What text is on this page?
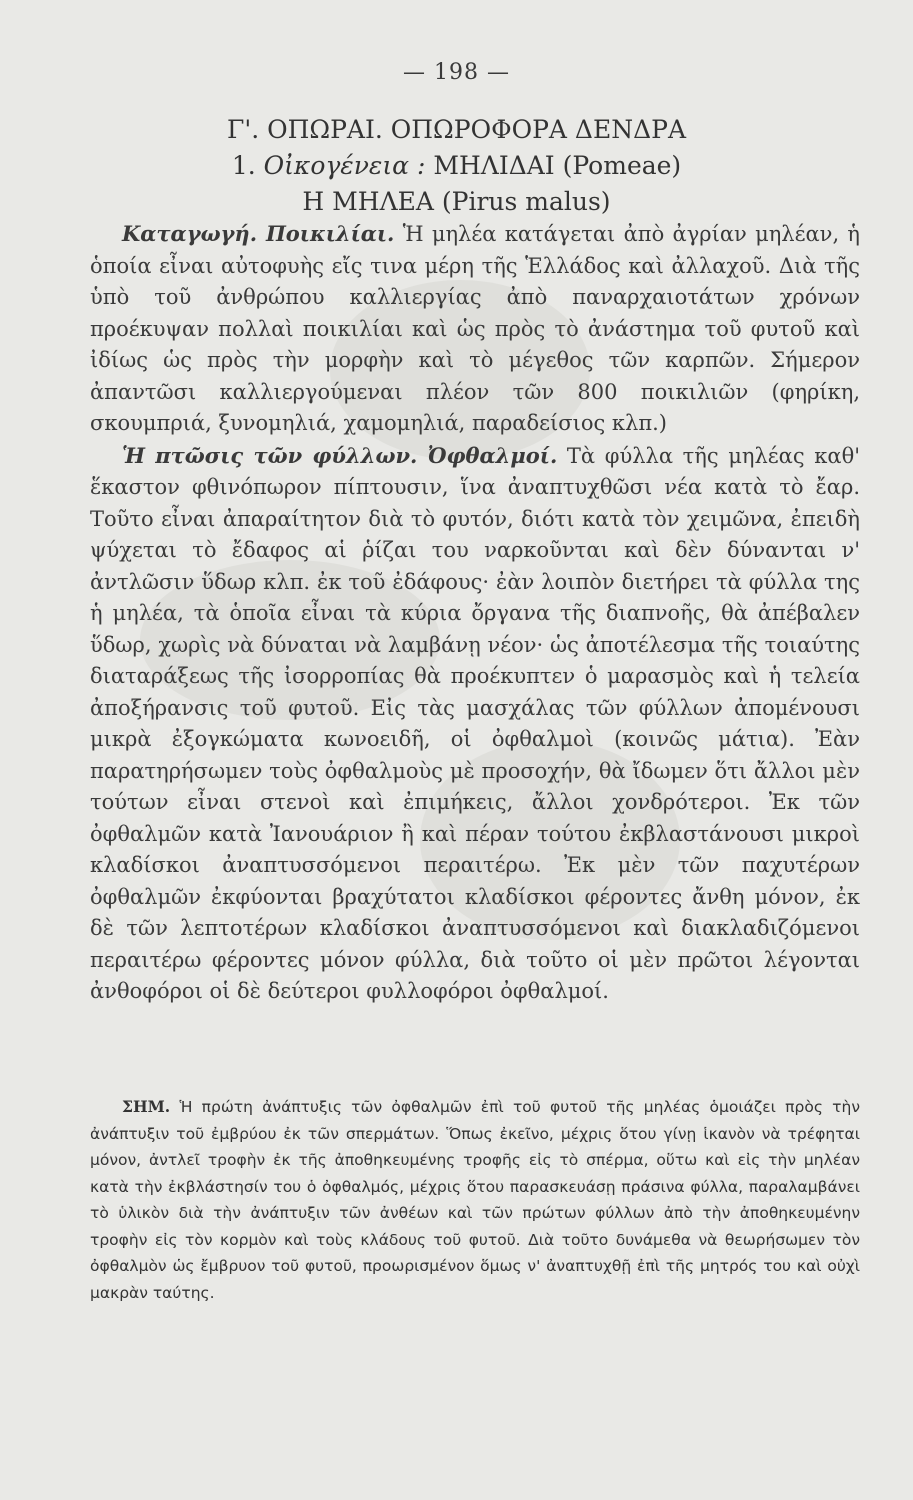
— 198 —
Γ'. ΟΠΩΡΑΙ. ΟΠΩΡΟΦΟΡΑ ΔΕΝΔΡΑ
1. Οἰκογένεια : ΜΗΛΙΔΑΙ (Pomeae)
Η ΜΗΛΕΑ (Pirus malus)

Καταγωγή. Ποικιλίαι. Ἡ μηλέα κατάγεται ἀπὸ ἀγρίαν μηλέαν, ἡ ὁποία εἶναι αὐτοφυὴς εἴς τινα μέρη τῆς Ἑλλάδος καὶ ἀλλαχοῦ. Διὰ τῆς ὑπὸ τοῦ ἀνθρώπου καλλιεργίας ἀπὸ παναρχαιοτάτων χρόνων προέκυψαν πολλαὶ ποικιλίαι καὶ ὡς πρὸς τὸ ἀνάστημα τοῦ φυτοῦ καὶ ἰδίως ὡς πρὸς τὴν μορφὴν καὶ τὸ μέγεθος τῶν καρπῶν. Σήμερον ἀπαντῶσι καλλιεργούμεναι πλέον τῶν 800 ποικιλιῶν (φηρίκη, σκουμπριά, ξυνομηλιά, χαμομηλιά, παραδείσιος κλπ.)

Ἡ πτῶσις τῶν φύλλων. Ὀφθαλμοί. Τὰ φύλλα τῆς μηλέας καθ' ἕκαστον φθινόπωρον πίπτουσιν, ἵνα ἀναπτυχθῶσι νέα κατὰ τὸ ἔαρ. Τοῦτο εἶναι ἀπαραίτητον διὰ τὸ φυτόν, διότι κατὰ τὸν χειμῶνα, ἐπειδὴ ψύχεται τὸ ἔδαφος αἱ ῥίζαι του ναρκοῦνται καὶ δὲν δύνανται ν' ἀντλῶσιν ὕδωρ κλπ. ἐκ τοῦ ἐδάφους· ἐὰν λοιπὸν διετήρει τὰ φύλλα της ἡ μηλέα, τὰ ὁποῖα εἶναι τὰ κύρια ὄργανα τῆς διαπνοῆς, θὰ ἀπέβαλεν ὕδωρ, χωρὶς νὰ δύναται νὰ λαμβάνῃ νέον· ὡς ἀποτέλεσμα τῆς τοιαύτης διαταράξεως τῆς ἰσορροπίας θὰ προέκυπτεν ὁ μαρασμὸς καὶ ἡ τελεία ἀποξήρανσις τοῦ φυτοῦ. Εἰς τὰς μασχάλας τῶν φύλλων ἀπομένουσι μικρὰ ἐξογκώματα κωνοειδῆ, οἱ ὀφθαλμοὶ (κοινῶς μάτια). Ἐὰν παρατηρήσωμεν τοὺς ὀφθαλμοὺς μὲ προσοχήν, θὰ ἴδωμεν ὅτι ἄλλοι μὲν τούτων εἶναι στενοὶ καὶ ἐπιμήκεις, ἄλλοι χονδρότεροι. Ἐκ τῶν ὀφθαλμῶν κατὰ Ἰανουάριον ἢ καὶ πέραν τούτου ἐκβλαστάνουσι μικροὶ κλαδίσκοι ἀναπτυσσόμενοι περαιτέρω. Ἐκ μὲν τῶν παχυτέρων ὀφθαλμῶν ἐκφύονται βραχύτατοι κλαδίσκοι φέροντες ἄνθη μόνον, ἐκ δὲ τῶν λεπτοτέρων κλαδίσκοι ἀναπτυσσόμενοι καὶ διακλαδιζόμενοι περαιτέρω φέροντες μόνον φύλλα, διὰ τοῦτο οἱ μὲν πρῶτοι λέγονται ἀνθοφόροι οἱ δὲ δεύτεροι φυλλοφόροι ὀφθαλμοί.

ΣΗΜ. Ἡ πρώτη ἀνάπτυξις τῶν ὀφθαλμῶν ἐπὶ τοῦ φυτοῦ τῆς μηλέας ὁμοιάζει πρὸς τὴν ἀνάπτυξιν τοῦ ἐμβρύου ἐκ τῶν σπερμάτων. Ὅπως ἐκεῖνο, μέχρις ὅτου γίνῃ ἱκανὸν νὰ τρέφηται μόνον, ἀντλεῖ τροφὴν ἐκ τῆς ἀποθηκευμένης τροφῆς εἰς τὸ σπέρμα, οὕτω καὶ εἰς τὴν μηλέαν κατὰ τὴν ἐκβλάστησίν του ὁ ὀφθαλμός, μέχρις ὅτου παρασκευάσῃ πράσινα φύλλα, παραλαμβάνει τὸ ὑλικὸν διὰ τὴν ἀνάπτυξιν τῶν ἀνθέων καὶ τῶν πρώτων φύλλων ἀπὸ τὴν ἀποθηκευμένην τροφὴν εἰς τὸν κορμὸν καὶ τοὺς κλάδους τοῦ φυτοῦ. Διὰ τοῦτο δυνάμεθα νὰ θεωρήσωμεν τὸν ὀφθαλμὸν ὡς ἔμβρυον τοῦ φυτοῦ, προωρισμένον ὅμως ν' ἀναπτυχθῇ ἐπὶ τῆς μητρός του καὶ οὐχὶ μακρὰν ταύτης.
